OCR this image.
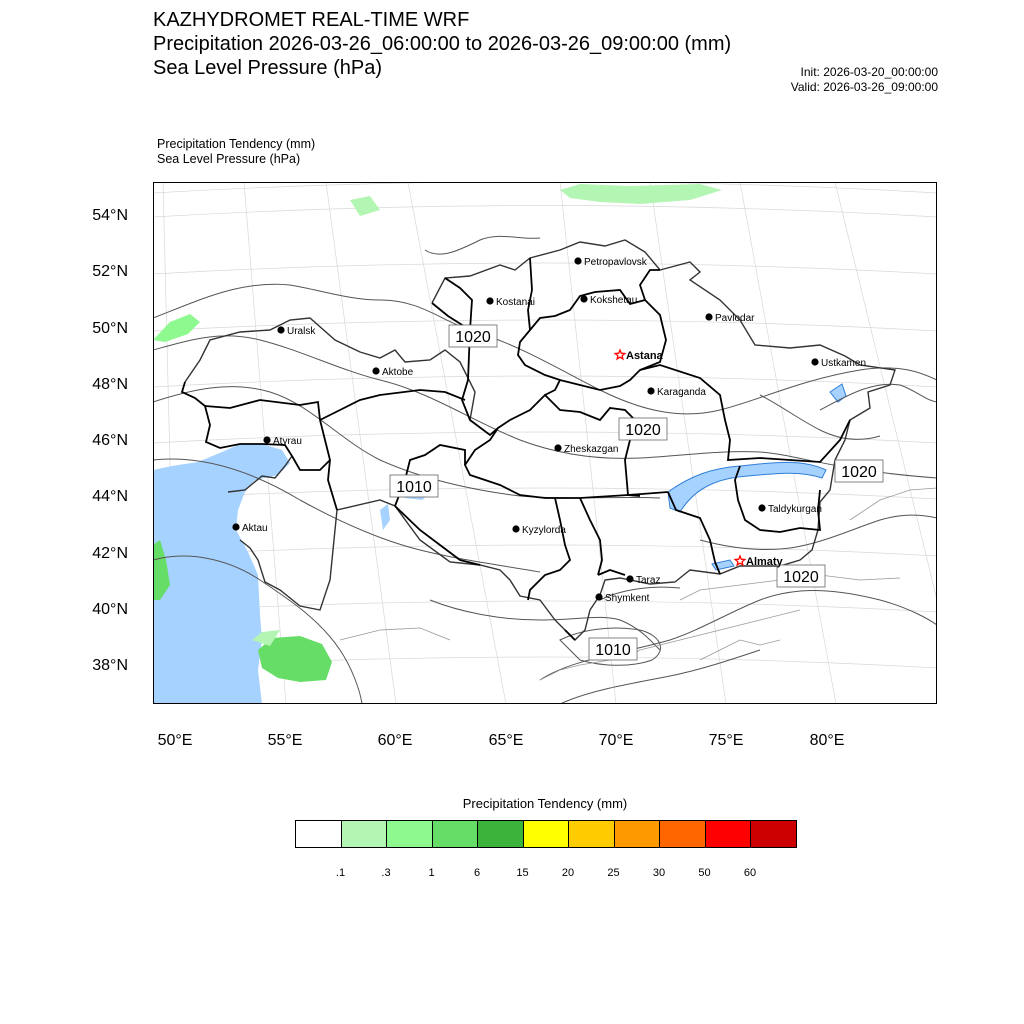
KAZHYDROMET REAL-TIME WRF
Precipitation 2026-03-26_06:00:00 to 2026-03-26_09:00:00 (mm)
Sea Level Pressure (hPa)	Init: 2026-03-20_00:00:00
Valid: 2026-03-26_09:00:00
Precipitation Tendency (mm)
Sea Level Pressure (hPa)
54°N
52°N
50°N
48°N
46°N
44°N
42°N
40°N
38°N
50°E	55°E	60°E	65°E	70°E	75°E	80°E
1020
1020
1010
1020
1020
1010
Petropavlovsk
Kostanai	Kokshetau
Uralsk
Pavlodar
Astana
Aktobe
Ustkamen
Karaganda
Atyrau
Zheskazgan
Aktau	Kyzylorda
Taldykurgan
Almaty
Taraz
Shymkent
Precipitation Tendency (mm)
.1	.3	1	6	15	20	25	30	50	60
